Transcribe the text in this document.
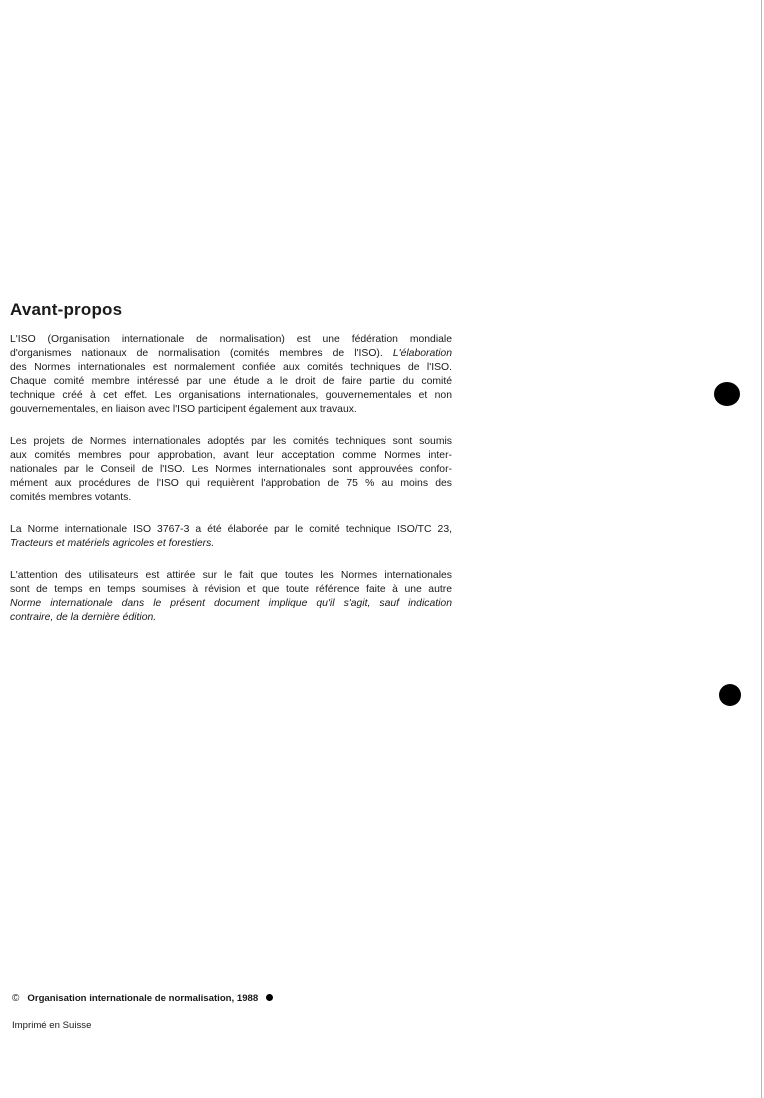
Avant-propos
L'ISO (Organisation internationale de normalisation) est une fédération mondiale
d'organismes nationaux de normalisation (comités membres de l'ISO). L'élaboration
des Normes internationales est normalement confiée aux comités techniques de l'ISO.
Chaque comité membre intéressé par une étude a le droit de faire partie du comité
technique créé à cet effet. Les organisations internationales, gouvernementales et non
gouvernementales, en liaison avec l'ISO participent également aux travaux.
Les projets de Normes internationales adoptés par les comités techniques sont soumis
aux comités membres pour approbation, avant leur acceptation comme Normes inter-
nationales par le Conseil de l'ISO. Les Normes internationales sont approuvées confor-
mément aux procédures de l'ISO qui requièrent l'approbation de 75 % au moins des
comités membres votants.
La Norme internationale ISO 3767-3 a été élaborée par le comité technique ISO/TC 23,
Tracteurs et matériels agricoles et forestiers.
L'attention des utilisateurs est attirée sur le fait que toutes les Normes internationales
sont de temps en temps soumises à révision et que toute référence faite à une autre
Norme internationale dans le présent document implique qu'il s'agit, sauf indication
contraire, de la dernière édition.
© Organisation internationale de normalisation, 1988
Imprimé en Suisse
